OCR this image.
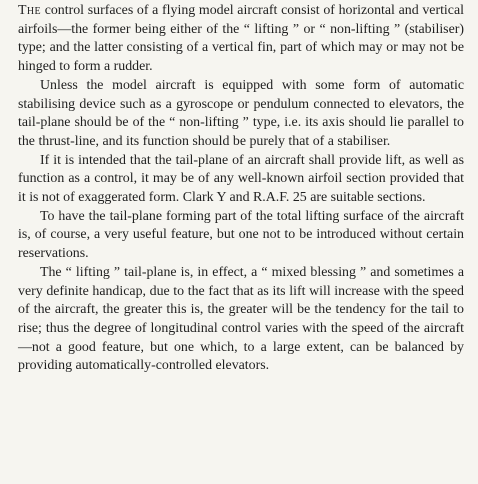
The control surfaces of a flying model aircraft consist of horizontal and vertical airfoils—the former being either of the “ lifting ” or “ non-lifting ” (stabiliser) type; and the latter consisting of a vertical fin, part of which may or may not be hinged to form a rudder.

Unless the model aircraft is equipped with some form of automatic stabilising device such as a gyroscope or pendulum connected to elevators, the tail-plane should be of the “ non-lifting ” type, i.e. its axis should lie parallel to the thrust-line, and its function should be purely that of a stabiliser.

If it is intended that the tail-plane of an aircraft shall provide lift, as well as function as a control, it may be of any well-known airfoil section provided that it is not of exaggerated form. Clark Y and R.A.F. 25 are suitable sections.

To have the tail-plane forming part of the total lifting surface of the aircraft is, of course, a very useful feature, but one not to be introduced without certain reservations.

The “ lifting ” tail-plane is, in effect, a “ mixed blessing ” and sometimes a very definite handicap, due to the fact that as its lift will increase with the speed of the aircraft, the greater this is, the greater will be the tendency for the tail to rise; thus the degree of longitudinal control varies with the speed of the aircraft—not a good feature, but one which, to a large extent, can be balanced by providing automatically-controlled elevators.
